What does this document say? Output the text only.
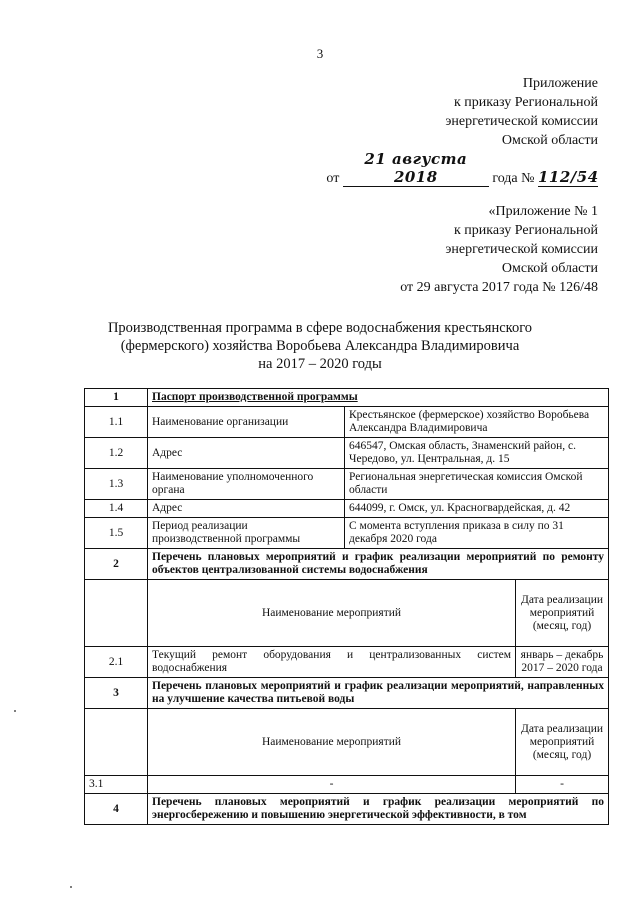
3
Приложение
к приказу Региональной
энергетической комиссии
Омской области
от 21 августа 2018	года № 112/54
«Приложение № 1
к приказу Региональной
энергетической комиссии
Омской области
от 29 августа 2017 года № 126/48
Производственная программа в сфере водоснабжения крестьянского
(фермерского) хозяйства Воробьева Александра Владимировича
на 2017 – 2020 годы
1	Паспорт производственной программы		
1.1	Наименование организации	Крестьянское (фермерское) хозяйство Воробьева Александра Владимировича	
1.2	Адрес	646547, Омская область, Знаменский район, с. Чередово, ул. Центральная, д. 15	
1.3	Наименование уполномоченного органа	Региональная энергетическая комиссия Омской области	
1.4	Адрес	644099, г. Омск, ул. Красногвардейская, д. 42	
1.5	Период реализации производственной программы	С момента вступления приказа в силу по 31 декабря 2020 года	
2	Перечень плановых мероприятий и график реализации мероприятий по ремонту объектов централизованной системы водоснабжения		
	Наименование мероприятий		Дата реализации мероприятий (месяц, год)
2.1	Текущий ремонт оборудования и централизованных систем водоснабжения		январь – декабрь 2017 – 2020 года
3	Перечень плановых мероприятий и график реализации мероприятий, направленных на улучшение качества питьевой воды		
	Наименование мероприятий		Дата реализации мероприятий (месяц, год)
3.1	-		-
4	Перечень плановых мероприятий и график реализации мероприятий по энергосбережению и повышению энергетической эффективности, в том		
